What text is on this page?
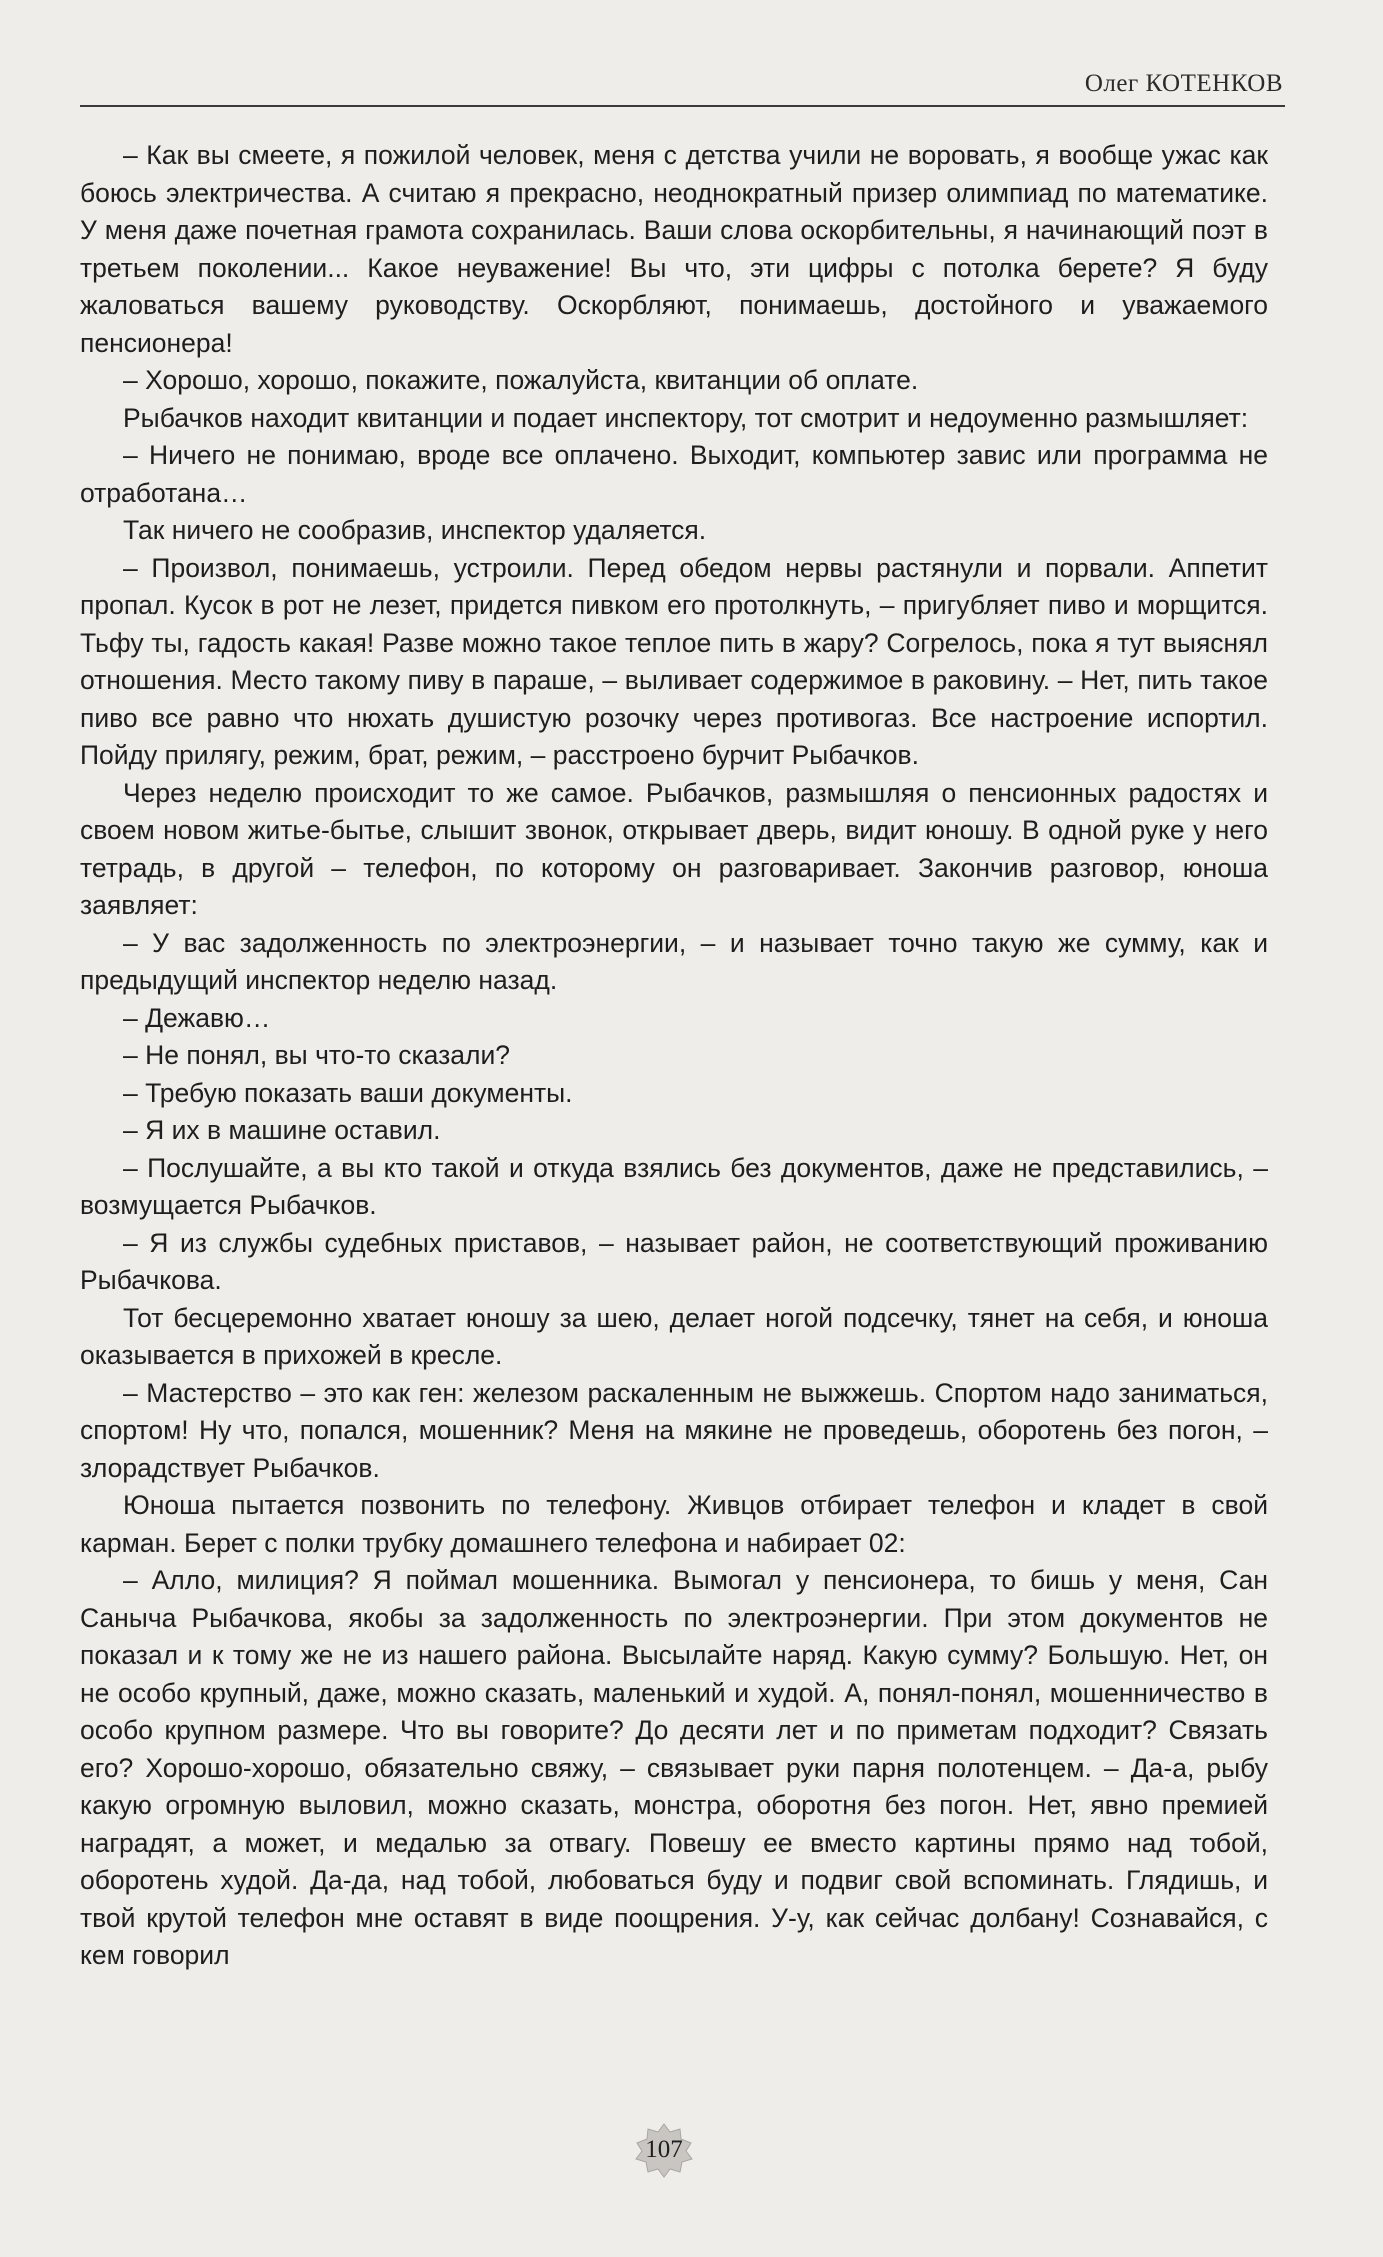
Олег КОТЕНКОВ

– Как вы смеете, я пожилой человек, меня с детства учили не воровать, я вообще ужас как боюсь электричества. А считаю я прекрасно, неоднократный призер олимпиад по математике. У меня даже почетная грамота сохранилась. Ваши слова оскорбительны, я начинающий поэт в третьем поколении... Какое неуважение! Вы что, эти цифры с потолка берете? Я буду жаловаться вашему руководству. Оскорбляют, понимаешь, достойного и уважаемого пенсионера!

– Хорошо, хорошо, покажите, пожалуйста, квитанции об оплате.

Рыбачков находит квитанции и подает инспектору, тот смотрит и недоуменно размышляет:

– Ничего не понимаю, вроде все оплачено. Выходит, компьютер завис или программа не отработана…

Так ничего не сообразив, инспектор удаляется.

– Произвол, понимаешь, устроили. Перед обедом нервы растянули и порвали. Аппетит пропал. Кусок в рот не лезет, придется пивком его протолкнуть, – пригубляет пиво и морщится. Тьфу ты, гадость какая! Разве можно такое теплое пить в жару? Согрелось, пока я тут выяснял отношения. Место такому пиву в параше, – выливает содержимое в раковину. – Нет, пить такое пиво все равно что нюхать душистую розочку через противогаз. Все настроение испортил. Пойду прилягу, режим, брат, режим, – расстроено бурчит Рыбачков.

Через неделю происходит то же самое. Рыбачков, размышляя о пенсионных радостях и своем новом житье-бытье, слышит звонок, открывает дверь, видит юношу. В одной руке у него тетрадь, в другой – телефон, по которому он разговаривает. Закончив разговор, юноша заявляет:

– У вас задолженность по электроэнергии, – и называет точно такую же сумму, как и предыдущий инспектор неделю назад.

– Дежавю…

– Не понял, вы что-то сказали?

– Требую показать ваши документы.

– Я их в машине оставил.

– Послушайте, а вы кто такой и откуда взялись без документов, даже не представились, – возмущается Рыбачков.

– Я из службы судебных приставов, – называет район, не соответствующий проживанию Рыбачкова.

Тот бесцеремонно хватает юношу за шею, делает ногой подсечку, тянет на себя, и юноша оказывается в прихожей в кресле.

– Мастерство – это как ген: железом раскаленным не выжжешь. Спортом надо заниматься, спортом! Ну что, попался, мошенник? Меня на мякине не проведешь, оборотень без погон, – злорадствует Рыбачков.

Юноша пытается позвонить по телефону. Живцов отбирает телефон и кладет в свой карман. Берет с полки трубку домашнего телефона и набирает 02:

– Алло, милиция? Я поймал мошенника. Вымогал у пенсионера, то бишь у меня, Сан Саныча Рыбачкова, якобы за задолженность по электроэнергии. При этом документов не показал и к тому же не из нашего района. Высылайте наряд. Какую сумму? Большую. Нет, он не особо крупный, даже, можно сказать, маленький и худой. А, понял-понял, мошенничество в особо крупном размере. Что вы говорите? До десяти лет и по приметам подходит? Связать его? Хорошо-хорошо, обязательно свяжу, – связывает руки парня полотенцем. – Да-а, рыбу какую огромную выловил, можно сказать, монстра, оборотня без погон. Нет, явно премией наградят, а может, и медалью за отвагу. Повешу ее вместо картины прямо над тобой, оборотень худой. Да-да, над тобой, любоваться буду и подвиг свой вспоминать. Глядишь, и твой крутой телефон мне оставят в виде поощрения. У-у, как сейчас долбану! Сознавайся, с кем говорил

107
